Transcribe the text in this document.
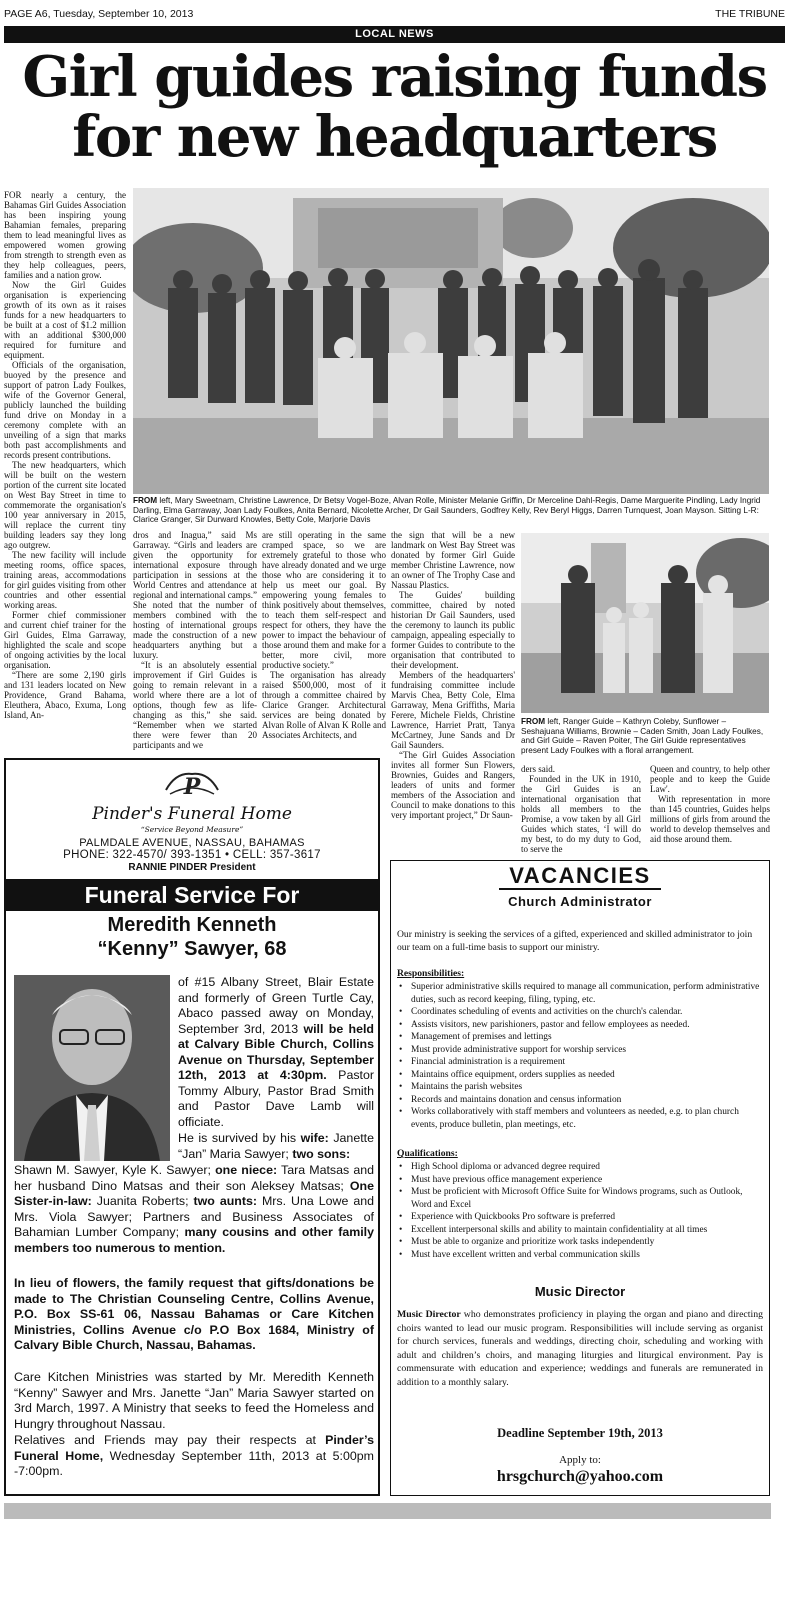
PAGE A6, Tuesday, September 10, 2013	THE TRIBUNE
LOCAL NEWS
Girl guides raising funds
for new headquarters

FOR nearly a century, the Bahamas Girl Guides Association has been inspiring young Bahamian females, preparing them to lead meaningful lives as empowered women growing from strength to strength even as they help colleagues, peers, families and a nation grow.

Now the Girl Guides organisation is experiencing growth of its own as it raises funds for a new headquarters to be built at a cost of $1.2 million with an additional $300,000 required for furniture and equipment.

Officials of the organisation, buoyed by the presence and support of patron Lady Foulkes, wife of the Governor General, publicly launched the building fund drive on Monday in a ceremony complete with an unveiling of a sign that marks both past accomplishments and records present contributions.

The new headquarters, which will be built on the western portion of the current site located on West Bay Street in time to commemorate the organisation's 100 year anniversary in 2015, will replace the current tiny building leaders say they long ago outgrew.

The new facility will include meeting rooms, office spaces, training areas, accommodations for girl guides visiting from other countries and other essential working areas.

Former chief commissioner and current chief trainer for the Girl Guides, Elma Garraway, highlighted the scale and scope of ongoing activities by the local organisation.

“There are some 2,190 girls and 131 leaders located on New Providence, Grand Bahama, Eleuthera, Abaco, Exuma, Long Island, An-

FROM left, Mary Sweetnam, Christine Lawrence, Dr Betsy Vogel-Boze, Alvan Rolle, Minister Melanie Griffin, Dr Merceline Dahl-Regis, Dame Marguerite Pindling, Lady Ingrid Darling, Elma Garraway, Joan Lady Foulkes, Anita Bernard, Nicolette Archer, Dr Gail Saunders, Godfrey Kelly, Rev Beryl Higgs, Darren Turnquest, Joan Mayson. Sitting L-R: Clarice Granger, Sir Durward Knowles, Betty Cole, Marjorie Davis

dros and Inagua,” said Ms Garraway. “Girls and leaders are given the opportunity for international exposure through participation in sessions at the World Centres and attendance at regional and international camps.” She noted that the number of members combined with the hosting of international groups made the construction of a new headquarters anything but a luxury.

“It is an absolutely essential improvement if Girl Guides is going to remain relevant in a world where there are a lot of options, though few as life-changing as this,” she said. “Remember when we started there were fewer than 20 participants and we

are still operating in the same cramped space, so we are extremely grateful to those who have already donated and we urge those who are considering it to help us meet our goal. By empowering young females to think positively about themselves, to teach them self-respect and respect for others, they have the power to impact the behaviour of those around them and make for a better, more civil, more productive society.”

The organisation has already raised $500,000, most of it through a committee chaired by Clarice Granger. Architectural services are being donated by Alvan Rolle of Alvan K Rolle and Associates Architects, and

the sign that will be a new landmark on West Bay Street was donated by former Girl Guide member Christine Lawrence, now an owner of The Trophy Case and Nassau Plastics.

The Guides' building committee, chaired by noted historian Dr Gail Saunders, used the ceremony to launch its public campaign, appealing especially to former Guides to contribute to the organisation that contributed to their development.

Members of the headquarters' fundraising committee include Marvis Chea, Betty Cole, Elma Garraway, Mena Griffiths, Maria Ferere, Michele Fields, Christine Lawrence, Harriet Pratt, Tanya McCartney, June Sands and Dr Gail Saunders.

“The Girl Guides Association invites all former Sun Flowers, Brownies, Guides and Rangers, leaders of units and former members of the Association and Council to make donations to this very important project,” Dr Saun-

FROM left, Ranger Guide – Kathryn Coleby, Sunflower – Seshajuana Williams, Brownie – Caden Smith, Joan Lady Foulkes, and Girl Guide – Raven Poiter, The Girl Guide representatives present Lady Foulkes with a floral arrangement.

ders said.

Founded in the UK in 1910, the Girl Guides is an international organisation that holds all members to the Promise, a vow taken by all Girl Guides which states, ‘I will do my best, to do my duty to God, to serve the

Queen and country, to help other people and to keep the Guide Law'.

With representation in more than 145 countries, Guides helps millions of girls from around the world to develop themselves and aid those around them.

P
Pinder's Funeral Home
“Service Beyond Measure”
PALMDALE AVENUE, NASSAU, BAHAMAS
PHONE: 322-4570/ 393-1351 • CELL: 357-3617
RANNIE PINDER President
Funeral Service For
Meredith Kenneth
“Kenny” Sawyer, 68
of #15 Albany Street, Blair Estate and formerly of Green Turtle Cay, Abaco passed away on Monday, September 3rd, 2013 will be held at Calvary Bible Church, Collins Avenue on Thursday, September 12th, 2013 at 4:30pm. Pastor Tommy Albury, Pastor Brad Smith and Pastor Dave Lamb will officiate.
He is survived by his wife: Janette “Jan” Maria Sawyer; two sons:
Shawn M. Sawyer, Kyle K. Sawyer; one niece: Tara Matsas and her husband Dino Matsas and their son Aleksey Matsas; One Sister-in-law: Juanita Roberts; two aunts: Mrs. Una Lowe and Mrs. Viola Sawyer; Partners and Business Associates of Bahamian Lumber Company; many cousins and other family members too numerous to mention.
In lieu of flowers, the family request that gifts/donations be made to The Christian Counseling Centre, Collins Avenue, P.O. Box SS-61 06, Nassau Bahamas or Care Kitchen Ministries, Collins Avenue c/o P.O Box 1684, Ministry of Calvary Bible Church, Nassau, Bahamas.
Care Kitchen Ministries was started by Mr. Meredith Kenneth “Kenny” Sawyer and Mrs. Janette “Jan” Maria Sawyer started on 3rd March, 1997. A Ministry that seeks to feed the Homeless and Hungry throughout Nassau.
Relatives and Friends may pay their respects at Pinder’s Funeral Home, Wednesday September 11th, 2013 at 5:00pm -7:00pm.
VACANCIES
Church Administrator
Our ministry is seeking the services of a gifted, experienced and skilled administrator to join our team on a full-time basis to support our ministry.
Responsibilities:
• Superior administrative skills required to manage all communication, perform administrative duties, such as record keeping, filing, typing, etc.
• Coordinates scheduling of events and activities on the church's calendar.
• Assists visitors, new parishioners, pastor and fellow employees as needed.
• Management of premises and lettings
• Must provide administrative support for worship services
• Financial administration is a requirement
• Maintains office equipment, orders supplies as needed
• Maintains the parish websites
• Records and maintains donation and census information
• Works collaboratively with staff members and volunteers as needed, e.g. to plan church events, produce bulletin, plan meetings, etc.
Qualifications:
• High School diploma or advanced degree required
• Must have previous office management experience
• Must be proficient with Microsoft Office Suite for Windows programs, such as Outlook, Word and Excel
• Experience with Quickbooks Pro software is preferred
• Excellent interpersonal skills and ability to maintain confidentiality at all times
• Must be able to organize and prioritize work tasks independently
• Must have excellent written and verbal communication skills
Music Director
Music Director who demonstrates proficiency in playing the organ and piano and directing choirs wanted to lead our music program. Responsibilities will include serving as organist for church services, funerals and weddings, directing choir, scheduling and working with adult and children’s choirs, and managing liturgies and liturgical environment. Pay is commensurate with education and experience; weddings and funerals are remunerated in addition to a monthly salary.
Deadline September 19th, 2013
Apply to:
hrsgchurch@yahoo.com
